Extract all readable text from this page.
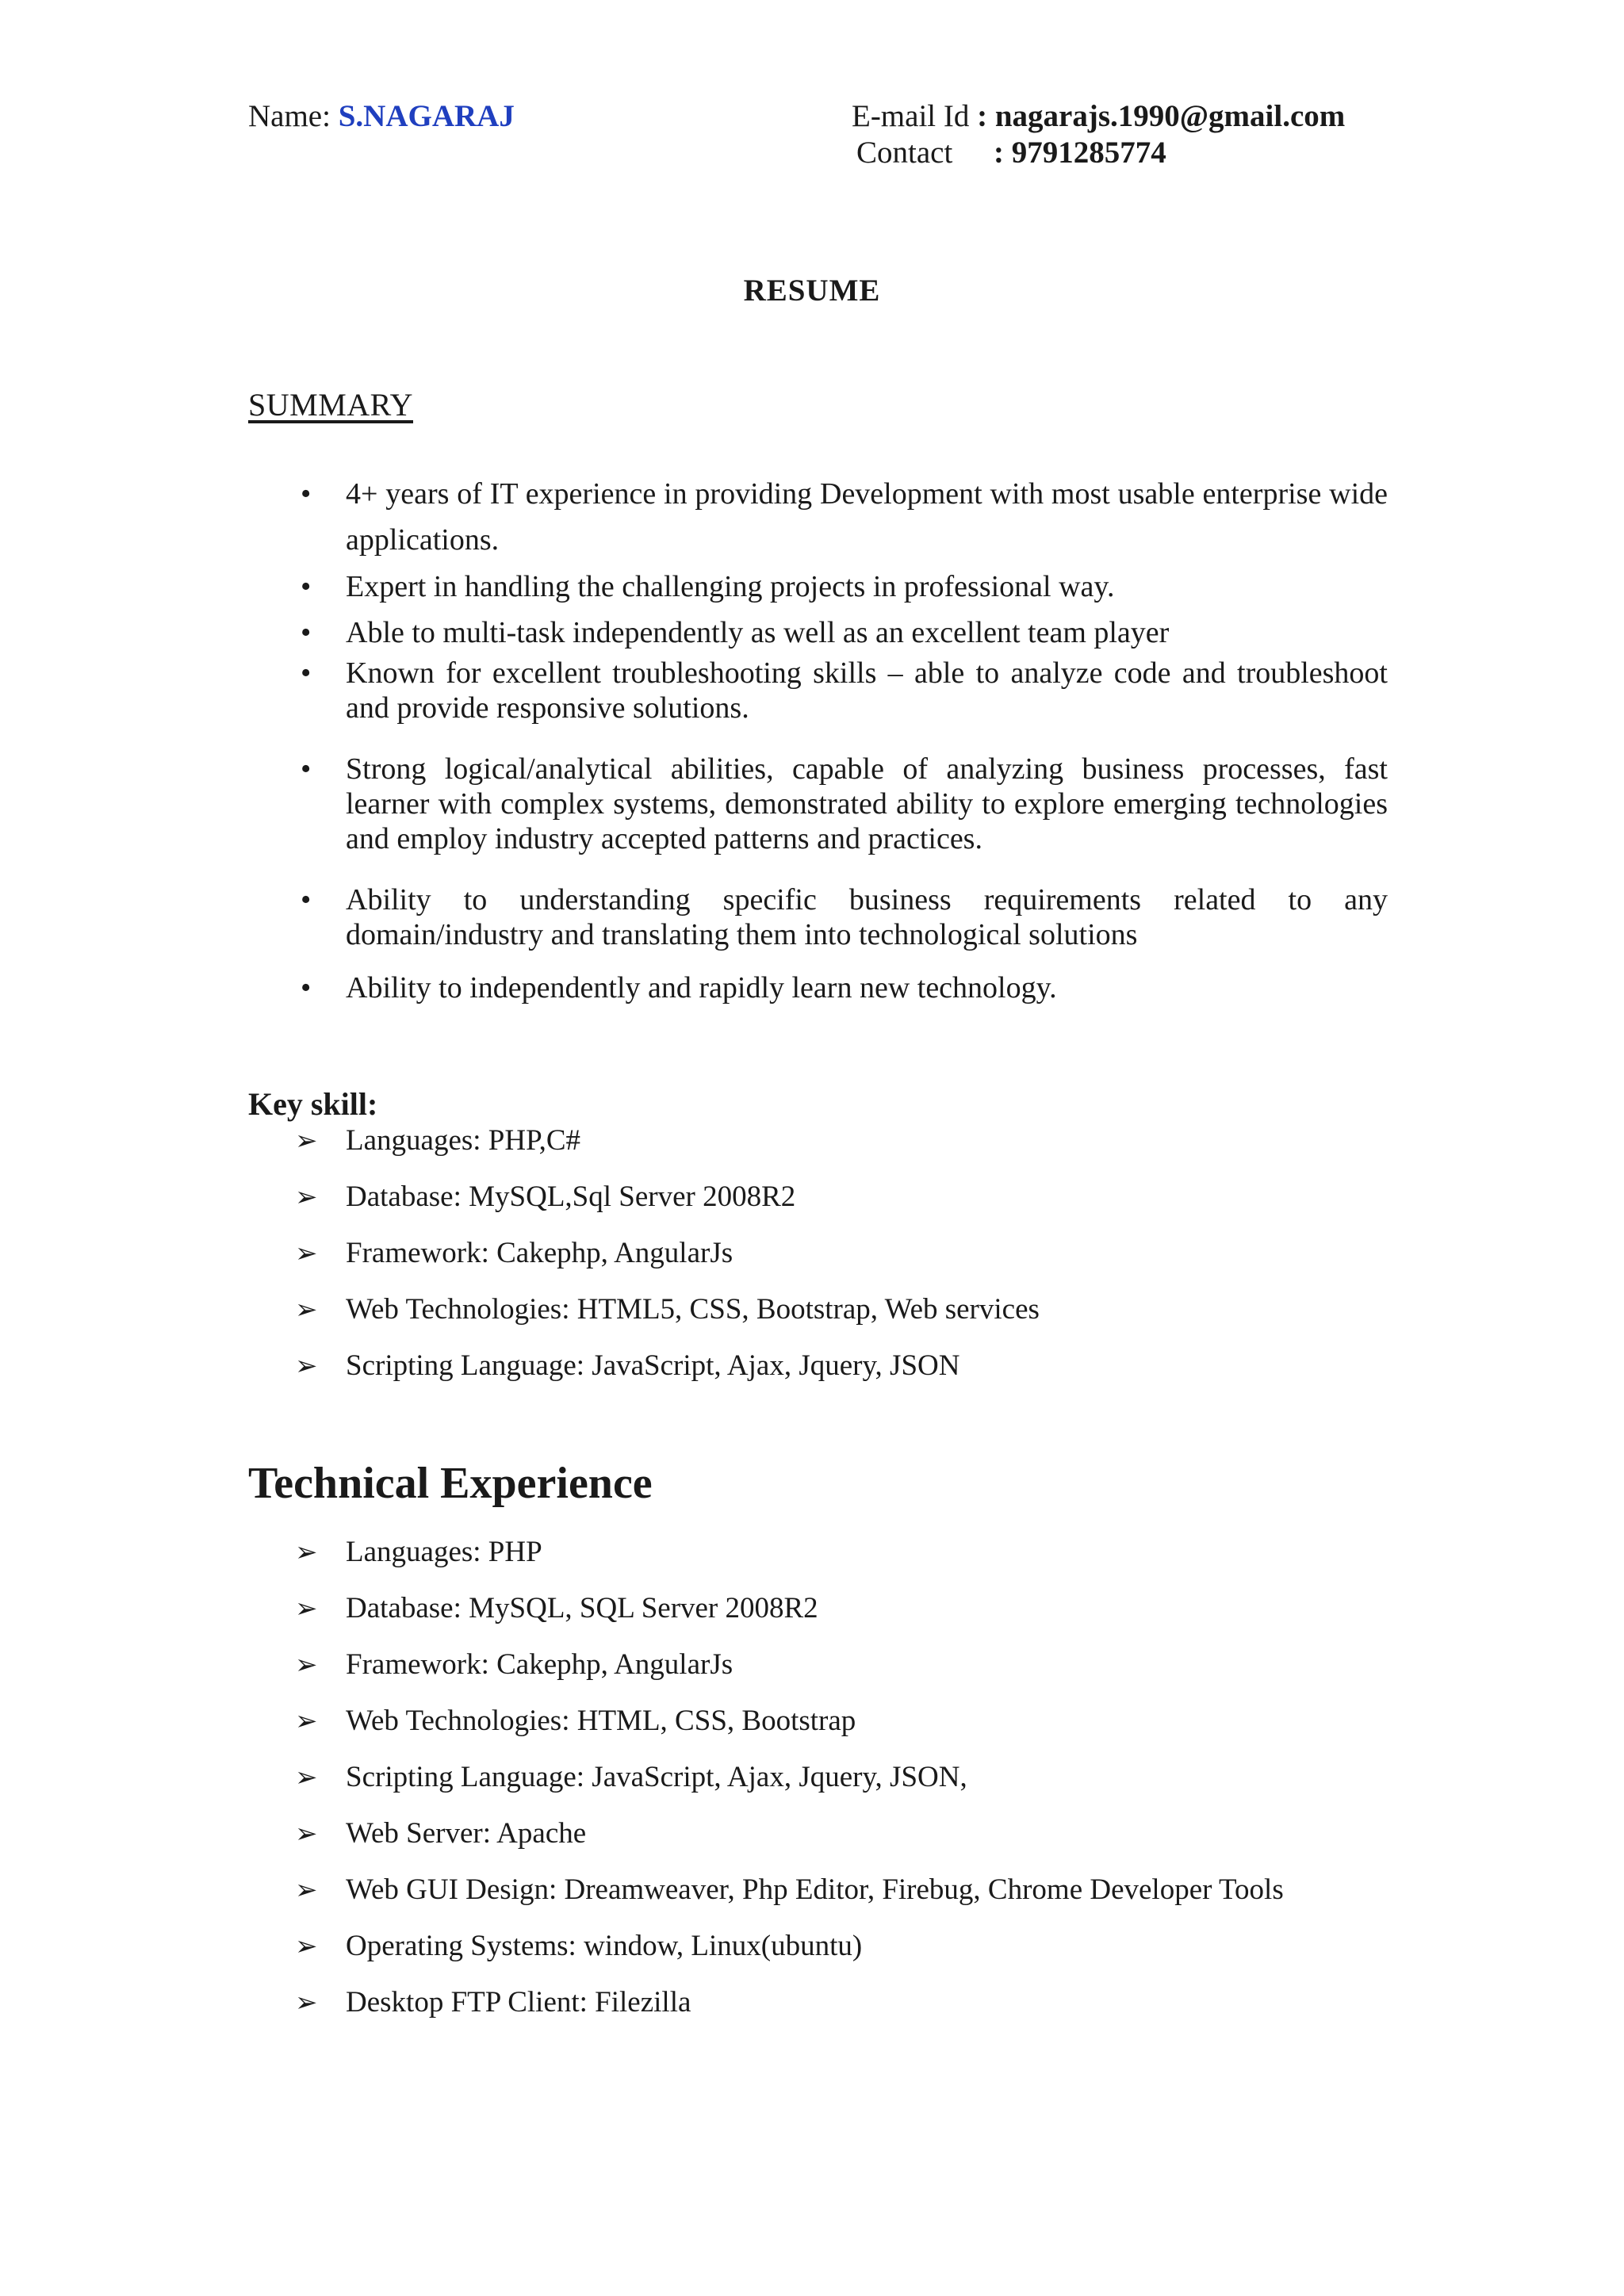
Name: S.NAGARAJ	E-mail Id : nagarajs.1990@gmail.com
Contact : 9791285774
RESUME
SUMMARY
• 4+ years of IT experience in providing Development with most usable enterprise wide applications.
• Expert in handling the challenging projects in professional way.
• Able to multi-task independently as well as an excellent team player
• Known for excellent troubleshooting skills – able to analyze code and troubleshoot and provide responsive solutions.
• Strong logical/analytical abilities, capable of analyzing business processes, fast learner with complex systems, demonstrated ability to explore emerging technologies and employ industry accepted patterns and practices.
• Ability to understanding specific business requirements related to any domain/industry and translating them into technological solutions
• Ability to independently and rapidly learn new technology.
Key skill:
➢ Languages: PHP,C#
➢ Database: MySQL,Sql Server 2008R2
➢ Framework: Cakephp, AngularJs
➢ Web Technologies: HTML5, CSS, Bootstrap, Web services
➢ Scripting Language: JavaScript, Ajax, Jquery, JSON
Technical Experience
➢ Languages: PHP
➢ Database: MySQL, SQL Server 2008R2
➢ Framework: Cakephp, AngularJs
➢ Web Technologies: HTML, CSS, Bootstrap
➢ Scripting Language: JavaScript, Ajax, Jquery, JSON,
➢ Web Server: Apache
➢ Web GUI Design: Dreamweaver, Php Editor, Firebug, Chrome Developer Tools
➢ Operating Systems: window, Linux(ubuntu)
➢ Desktop FTP Client: Filezilla
